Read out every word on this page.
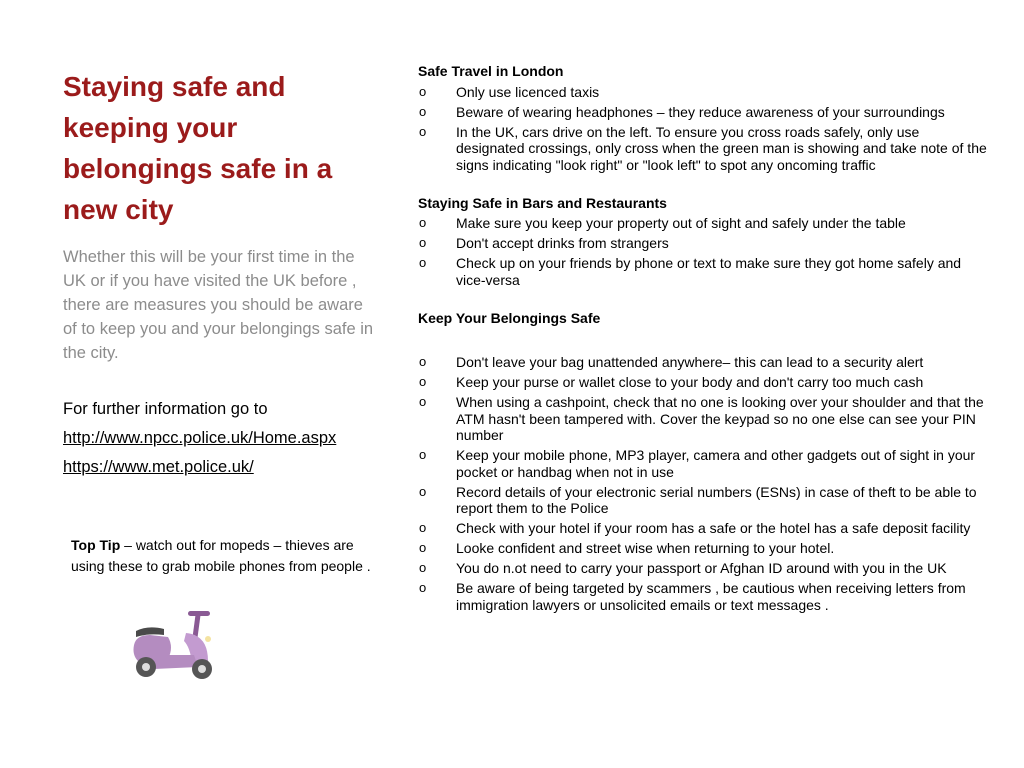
Staying safe and keeping your belongings safe in a new city

Whether this will be your first time in the UK or if you have visited the UK before , there are measures you should be aware of to keep you and your belongings safe in the city.

For further information go to
http://www.npcc.police.uk/Home.aspx
https://www.met.police.uk/
Top Tip – watch out for mopeds – thieves are using these to grab mobile phones from people .

Safe Travel in London

o Only use licenced taxis
o Beware of wearing headphones – they reduce awareness of your surroundings
o In the UK, cars drive on the left. To ensure you cross roads safely, only use designated crossings, only cross when the green man is showing and take note of the signs indicating "look right" or "look left" to spot any oncoming traffic

Staying Safe in Bars and Restaurants

o Make sure you keep your property out of sight and safely under the table
o Don't accept drinks from strangers
o Check up on your friends by phone or text to make sure they got home safely and vice-versa

Keep Your Belongings Safe

o Don't leave your bag unattended anywhere– this can lead to a security alert
o Keep your purse or wallet close to your body and don't carry too much cash
o When using a cashpoint, check that no one is looking over your shoulder and that the ATM hasn't been tampered with. Cover the keypad so no one else can see your PIN number
o Keep your mobile phone, MP3 player, camera and other gadgets out of sight in your pocket or handbag when not in use
o Record details of your electronic serial numbers (ESNs) in case of theft to be able to report them to the Police
o Check with your hotel if your room has a safe or the hotel has a safe deposit facility
o Looke confident and street wise when returning to your hotel.
o You do n.ot need to carry your passport or Afghan ID around with you in the UK
o Be aware of being targeted by scammers , be cautious when receiving letters from immigration lawyers or unsolicited emails or text messages .
